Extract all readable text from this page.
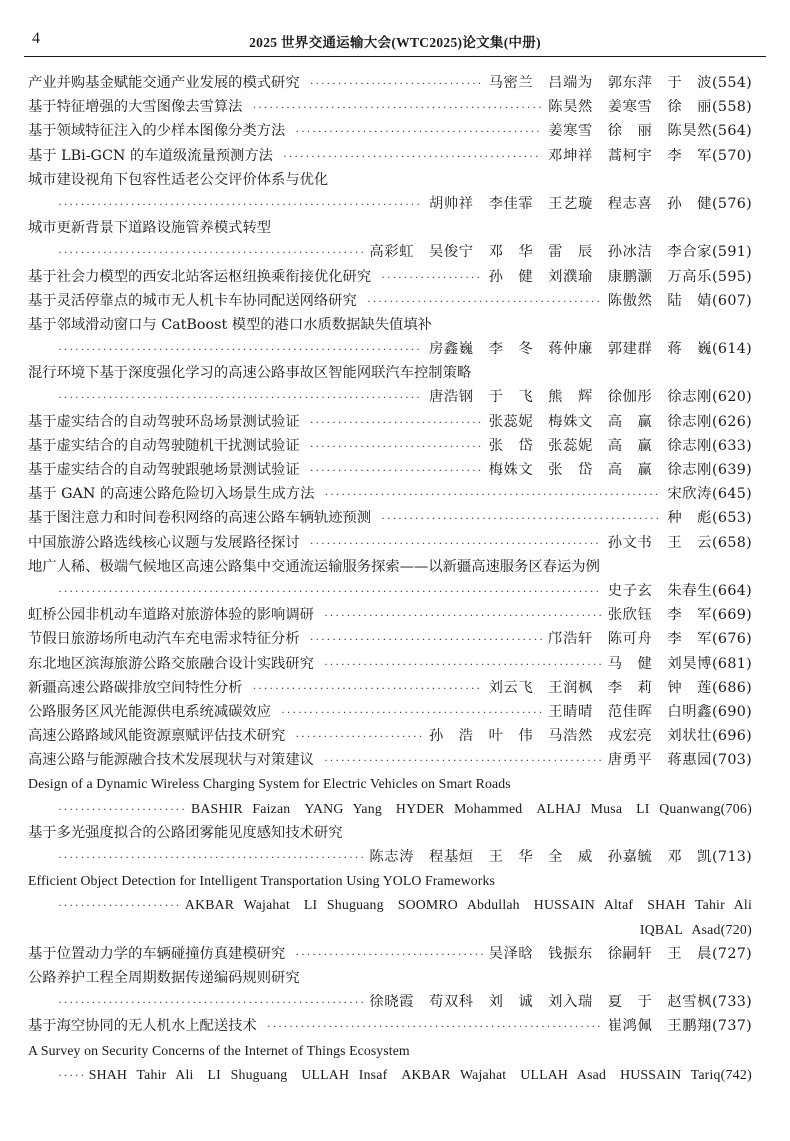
4	2025 世界交通运输大会(WTC2025)论文集(中册)
产业并购基金赋能交通产业发展的模式研究 ·····	马密兰　吕端为　郭东萍　于　波 (554)
基于特征增强的大雪图像去雪算法 ·····	陈昊然　姜寒雪　徐　丽 (558)
基于领域特征注入的少样本图像分类方法 ·····	姜寒雪　徐　丽　陈昊然 (564)
基于 LBi-GCN 的车道级流量预测方法 ·····	邓坤祥　蒿柯宇　李　军 (570)
城市建设视角下包容性适老公交评价体系与优化
·····
胡帅祥　李佳霏　王艺璇　程志喜　孙　健 (576)
城市更新背景下道路设施管养模式转型
·····
高彩虹　吴俊宁　邓　华　雷　辰　孙冰洁　李合家 (591)
基于社会力模型的西安北站客运枢纽换乘衔接优化研究 ·····	孙　健　刘濮瑜　康鹏灏　万高乐 (595)
基于灵活停靠点的城市无人机卡车协同配送网络研究 ·····	陈傲然　陆　婧 (607)
基于邻域滑动窗口与 CatBoost 模型的港口水质数据缺失值填补
·····
房鑫巍　李　冬　蒋仲廉　郭建群　蒋　巍 (614)
混行环境下基于深度强化学习的高速公路事故区智能网联汽车控制策略
·····
唐浩钢　于　飞　熊　辉　徐伽彤　徐志刚 (620)
基于虚实结合的自动驾驶环岛场景测试验证 ·····	张蕊妮　梅姝文　高　赢　徐志刚 (626)
基于虚实结合的自动驾驶随机干扰测试验证 ·····	张　岱　张蕊妮　高　赢　徐志刚 (633)
基于虚实结合的自动驾驶跟驰场景测试验证 ·····	梅姝文　张　岱　高　赢　徐志刚 (639)
基于 GAN 的高速公路危险切入场景生成方法 ·····	宋欣涛 (645)
基于图注意力和时间卷积网络的高速公路车辆轨迹预测 ·····	种　彪 (653)
中国旅游公路选线核心议题与发展路径探讨 ·····	孙文书　王　云 (658)
地广人稀、极端气候地区高速公路集中交通流运输服务探索——以新疆高速服务区春运为例
·····
史子玄　朱春生 (664)
虹桥公园非机动车道路对旅游体验的影响调研 ·····	张欣钰　李　军 (669)
节假日旅游场所电动汽车充电需求特征分析 ·····	邝浩轩　陈可舟　李　军 (676)
东北地区滨海旅游公路交旅融合设计实践研究 ·····	马　健　刘昊博 (681)
新疆高速公路碳排放空间特性分析 ·····	刘云飞　王润枫　李　莉　钟　莲 (686)
公路服务区风光能源供电系统减碳效应 ·····	王睛晴　范佳晖　白明鑫 (690)
高速公路路域风能资源禀赋评估技术研究 ·····	孙　浩　叶　伟　马浩然　戎宏亮　刘状壮 (696)
高速公路与能源融合技术发展现状与对策建议 ·····	唐勇平　蒋惠园 (703)
Design of a Dynamic Wireless Charging System for Electric Vehicles on Smart Roads
·····
BASHIR Faizan　YANG Yang　HYDER Mohammed　ALHAJ Musa　LI Quanwang (706)
基于多光强度拟合的公路团雾能见度感知技术研究
·····
陈志涛　程基烜　王　华　全　威　孙嘉毓　邓　凯 (713)
Efficient Object Detection for Intelligent Transportation Using YOLO Frameworks
·····
AKBAR Wajahat　LI Shuguang　SOOMRO Abdullah　HUSSAIN Altaf　SHAH Tahir Ali
IQBAL Asad (720)
基于位置动力学的车辆碰撞仿真建模研究 ·····	吴泽晗　钱振东　徐嗣轩　王　晨 (727)
公路养护工程全周期数据传递编码规则研究
·····
徐晓霞　苟双科　刘　诚　刘入瑞　夏　于　赵雪枫 (733)
基于海空协同的无人机水上配送技术 ·····	崔鸿佩　王鹏翔 (737)
A Survey on Security Concerns of the Internet of Things Ecosystem
·····
SHAH Tahir Ali　LI Shuguang　ULLAH Insaf　AKBAR Wajahat　ULLAH Asad　HUSSAIN Tariq (742)
